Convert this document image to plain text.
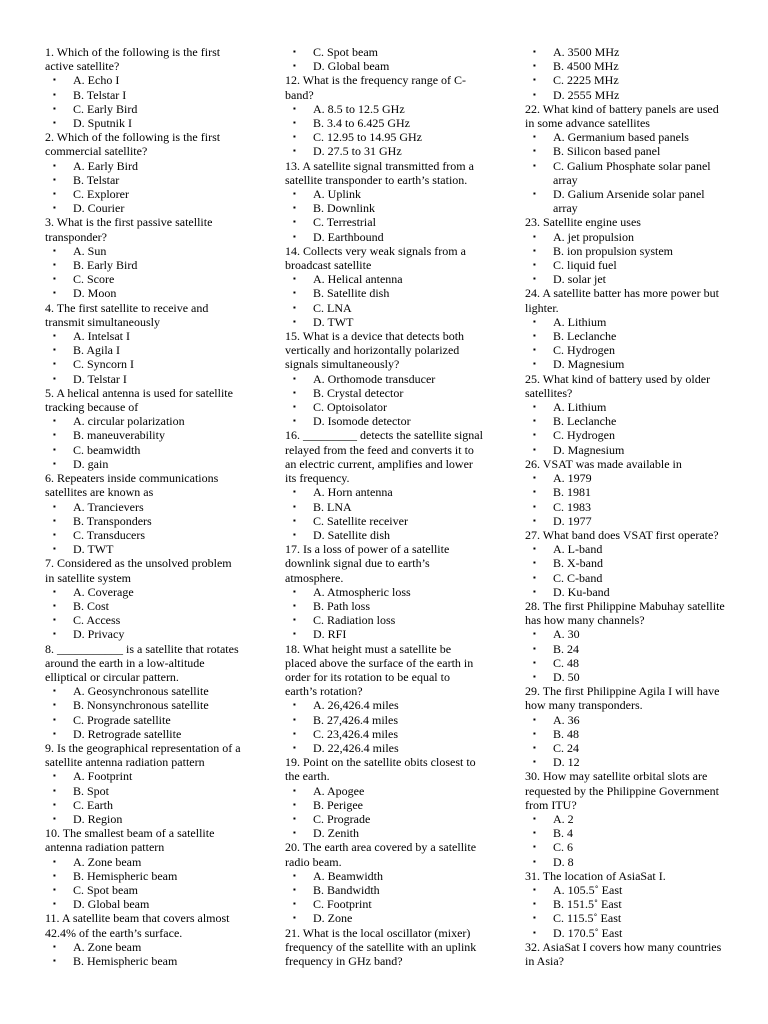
1. Which of the following is the first active satellite?

▪	A. Echo I
▪	B. Telstar I
▪	C. Early Bird
▪	D. Sputnik I

2. Which of the following is the first commercial satellite?

▪	A. Early Bird
▪	B. Telstar
▪	C. Explorer
▪	D. Courier

3. What is the first passive satellite transponder?

▪	A. Sun
▪	B. Early Bird
▪	C. Score
▪	D. Moon

4. The first satellite to receive and transmit simultaneously

▪	A. Intelsat I
▪	B. Agila I
▪	C. Syncorn I
▪	D. Telstar I

5. A helical antenna is used for satellite tracking because of

▪	A. circular polarization
▪	B. maneuverability
▪	C. beamwidth
▪	D. gain

6. Repeaters inside communications satellites are known as

▪	A. Trancievers
▪	B. Transponders
▪	C. Transducers
▪	D. TWT

7. Considered as the unsolved problem in satellite system

▪	A. Coverage
▪	B. Cost
▪	C. Access
▪	D. Privacy

8. ___________ is a satellite that rotates around the earth in a low-altitude elliptical or circular pattern.

▪	A. Geosynchronous satellite
▪	B. Nonsynchronous satellite
▪	C. Prograde satellite
▪	D. Retrograde satellite

9. Is the geographical representation of a satellite antenna radiation pattern

▪	A. Footprint
▪	B. Spot
▪	C. Earth
▪	D. Region

10. The smallest beam of a satellite antenna radiation pattern

▪	A. Zone beam
▪	B. Hemispheric beam
▪	C. Spot beam
▪	D. Global beam

11. A satellite beam that covers almost 42.4% of the earth’s surface.

▪	A. Zone beam
▪	B. Hemispheric beam
▪	C. Spot beam
▪	D. Global beam

12. What is the frequency range of C-band?

▪	A. 8.5 to 12.5 GHz
▪	B. 3.4 to 6.425 GHz
▪	C. 12.95 to 14.95 GHz
▪	D. 27.5 to 31 GHz

13. A satellite signal transmitted from a satellite transponder to earth’s station.

▪	A. Uplink
▪	B. Downlink
▪	C. Terrestrial
▪	D. Earthbound

14. Collects very weak signals from a broadcast satellite

▪	A. Helical antenna
▪	B. Satellite dish
▪	C. LNA
▪	D. TWT

15. What is a device that detects both vertically and horizontally polarized signals simultaneously?

▪	A. Orthomode transducer
▪	B. Crystal detector
▪	C. Optoisolator
▪	D. Isomode detector

16. _________ detects the satellite signal relayed from the feed and converts it to an electric current, amplifies and lower its frequency.

▪	A. Horn antenna
▪	B. LNA
▪	C. Satellite receiver
▪	D. Satellite dish

17. Is a loss of power of a satellite downlink signal due to earth’s atmosphere.

▪	A. Atmospheric loss
▪	B. Path loss
▪	C. Radiation loss
▪	D. RFI

18. What height must a satellite be placed above the surface of the earth in order for its rotation to be equal to earth’s rotation?

▪	A. 26,426.4 miles
▪	B. 27,426.4 miles
▪	C. 23,426.4 miles
▪	D. 22,426.4 miles

19. Point on the satellite obits closest to the earth.

▪	A. Apogee
▪	B. Perigee
▪	C. Prograde
▪	D. Zenith

20. The earth area covered by a satellite radio beam.

▪	A. Beamwidth
▪	B. Bandwidth
▪	C. Footprint
▪	D. Zone

21. What is the local oscillator (mixer) frequency of the satellite with an uplink frequency in GHz band?

▪	A. 3500 MHz
▪	B. 4500 MHz
▪	C. 2225 MHz
▪	D. 2555 MHz

22. What kind of battery panels are used in some advance satellites

▪	A. Germanium based panels
▪	B. Silicon based panel
▪	C. Galium Phosphate solar panel array
▪	D. Galium Arsenide solar panel array

23. Satellite engine uses

▪	A. jet propulsion
▪	B. ion propulsion system
▪	C. liquid fuel
▪	D. solar jet

24. A satellite batter has more power but lighter.

▪	A. Lithium
▪	B. Leclanche
▪	C. Hydrogen
▪	D. Magnesium

25. What kind of battery used by older satellites?

▪	A. Lithium
▪	B. Leclanche
▪	C. Hydrogen
▪	D. Magnesium

26. VSAT was made available in

▪	A. 1979
▪	B. 1981
▪	C. 1983
▪	D. 1977

27. What band does VSAT first operate?

▪	A. L-band
▪	B. X-band
▪	C. C-band
▪	D. Ku-band

28. The first Philippine Mabuhay satellite has how many channels?

▪	A. 30
▪	B. 24
▪	C. 48
▪	D. 50

29. The first Philippine Agila I will have how many transponders.

▪	A. 36
▪	B. 48
▪	C. 24
▪	D. 12

30. How may satellite orbital slots are requested by the Philippine Government from ITU?

▪	A. 2
▪	B. 4
▪	C. 6
▪	D. 8

31. The location of AsiaSat I.

▪	A. 105.5˚ East
▪	B. 151.5˚ East
▪	C. 115.5˚ East
▪	D. 170.5˚ East

32. AsiaSat I covers how many countries in Asia?
